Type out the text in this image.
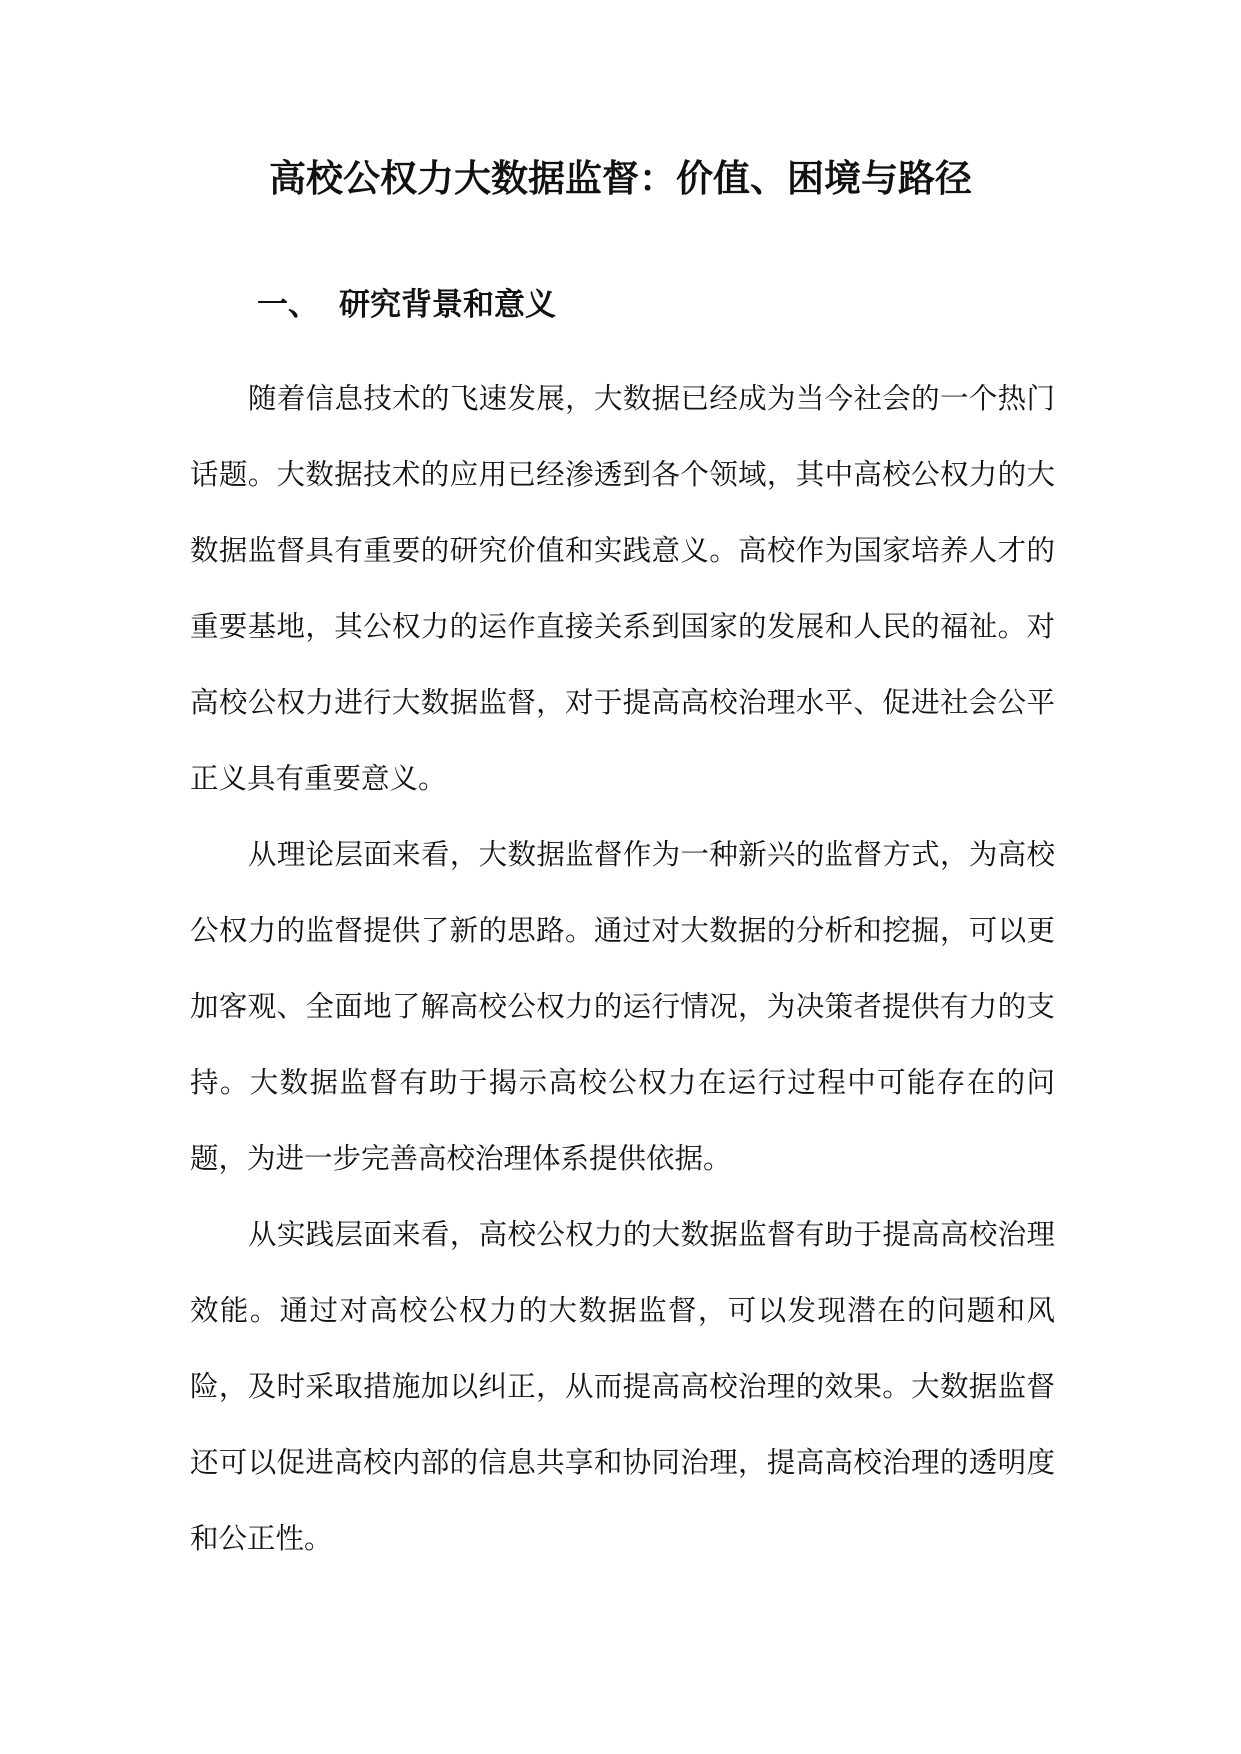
高校公权力大数据监督：价值、困境与路径
一、 研究背景和意义

随着信息技术的飞速发展，大数据已经成为当今社会的一个热门话题。大数据技术的应用已经渗透到各个领域，其中高校公权力的大数据监督具有重要的研究价值和实践意义。高校作为国家培养人才的重要基地，其公权力的运作直接关系到国家的发展和人民的福祉。对高校公权力进行大数据监督，对于提高高校治理水平、促进社会公平正义具有重要意义。

从理论层面来看，大数据监督作为一种新兴的监督方式，为高校公权力的监督提供了新的思路。通过对大数据的分析和挖掘，可以更加客观、全面地了解高校公权力的运行情况，为决策者提供有力的支持。大数据监督有助于揭示高校公权力在运行过程中可能存在的问题，为进一步完善高校治理体系提供依据。

从实践层面来看，高校公权力的大数据监督有助于提高高校治理效能。通过对高校公权力的大数据监督，可以发现潜在的问题和风险，及时采取措施加以纠正，从而提高高校治理的效果。大数据监督还可以促进高校内部的信息共享和协同治理，提高高校治理的透明度和公正性。
